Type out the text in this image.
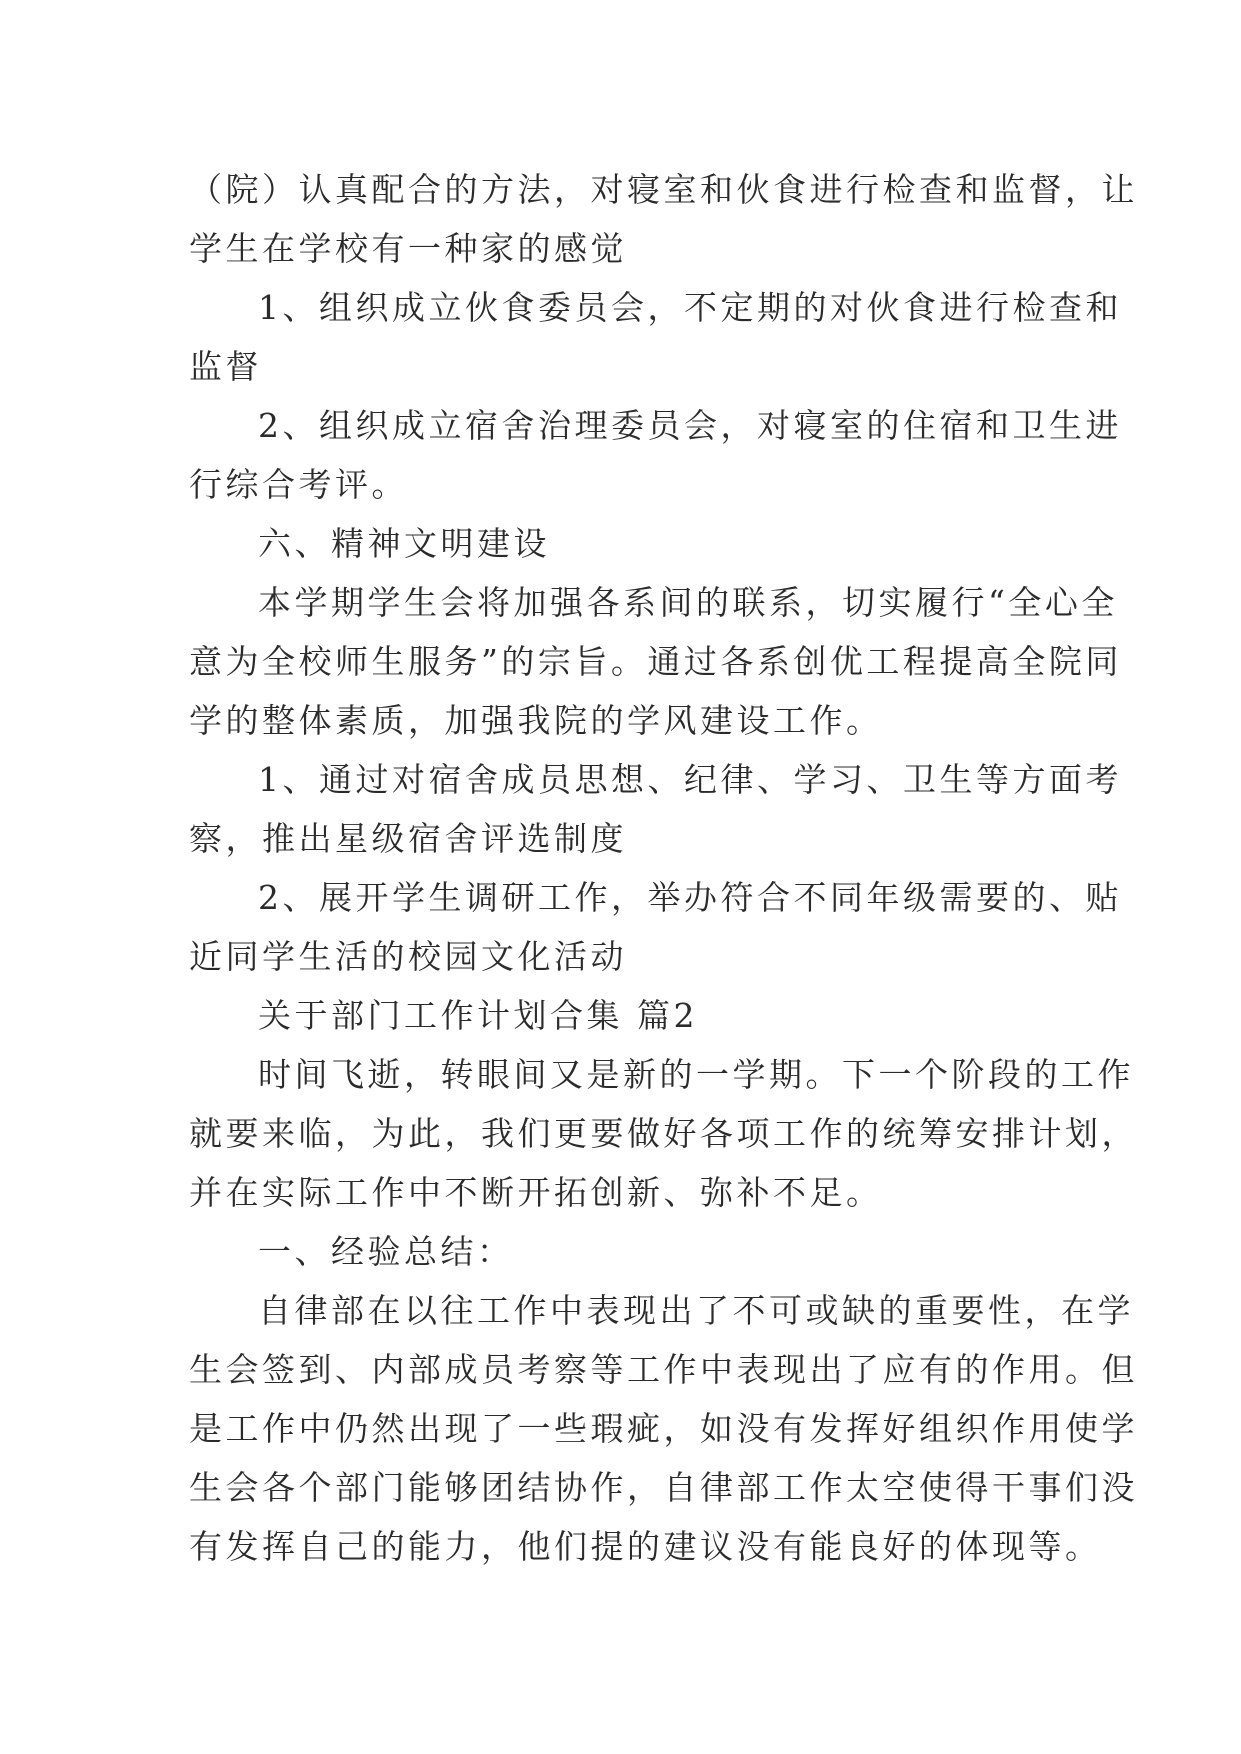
（院）认真配合的方法，对寝室和伙食进行检查和监督，让
学生在学校有一种家的感觉
1、组织成立伙食委员会，不定期的对伙食进行检查和
监督
2、组织成立宿舍治理委员会，对寝室的住宿和卫生进
行综合考评。
六、精神文明建设
本学期学生会将加强各系间的联系，切实履行“全心全
意为全校师生服务”的宗旨。通过各系创优工程提高全院同
学的整体素质，加强我院的学风建设工作。
1、通过对宿舍成员思想、纪律、学习、卫生等方面考
察，推出星级宿舍评选制度
2、展开学生调研工作，举办符合不同年级需要的、贴
近同学生活的校园文化活动
关于部门工作计划合集 篇2
时间飞逝，转眼间又是新的一学期。下一个阶段的工作
就要来临，为此，我们更要做好各项工作的统筹安排计划，
并在实际工作中不断开拓创新、弥补不足。
一、经验总结：
自律部在以往工作中表现出了不可或缺的重要性，在学
生会签到、内部成员考察等工作中表现出了应有的作用。但
是工作中仍然出现了一些瑕疵，如没有发挥好组织作用使学
生会各个部门能够团结协作，自律部工作太空使得干事们没
有发挥自己的能力，他们提的建议没有能良好的体现等。
